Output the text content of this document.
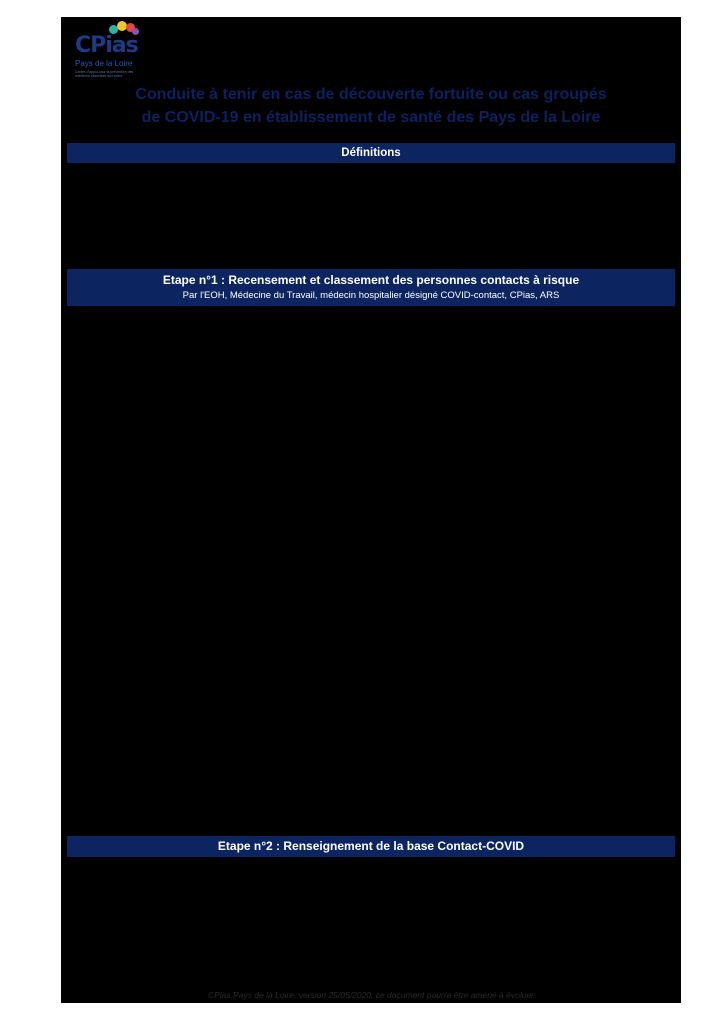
CPias
Pays de la Loire
Centre d'appui pour la prévention des infections associées aux soins
Conduite à tenir en cas de découverte fortuite ou cas groupés
de COVID-19 en établissement de santé des Pays de la Loire
Définitions
Etape n°1 : Recensement et classement des personnes contacts à risque
Par l'EOH, Médecine du Travail, médecin hospitalier désigné COVID-contact, CPias, ARS
Etape n°2 : Renseignement de la base Contact-COVID
CPias Pays de la Loire, version 25/05/2020, ce document pourra être amené à évoluer
